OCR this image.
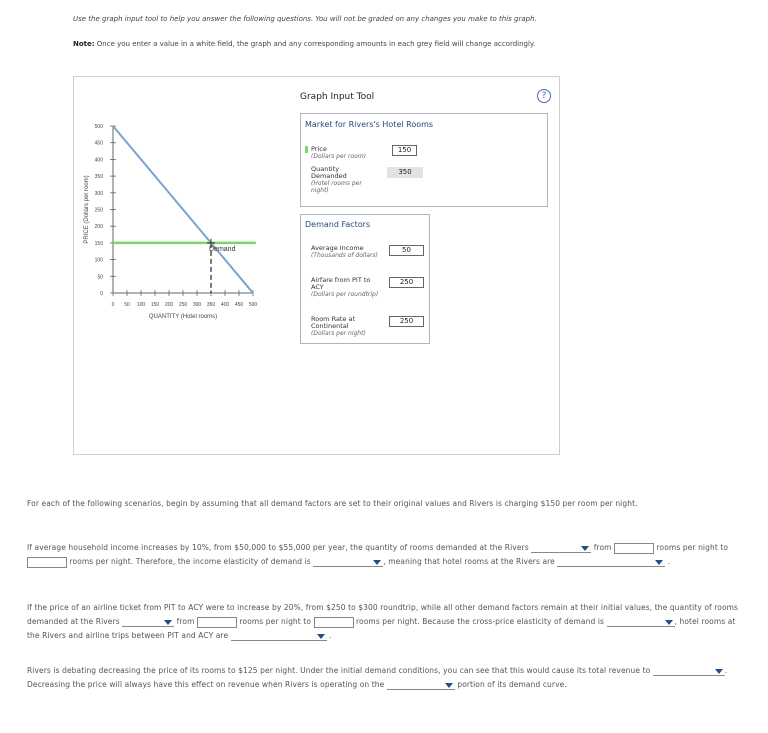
Use the graph input tool to help you answer the following questions. You will not be graded on any changes you make to this graph.
Note: Once you enter a value in a white field, the graph and any corresponding amounts in each grey field will change accordingly.
500
450
400
350
300
250
200
150
100
50
0
0 50 100 150 200 250 300 350 400 450 500
Demand
PRICE (Dollars per room)
QUANTITY (Hotel rooms)
Graph Input Tool	?
Market for Rivers's Hotel Rooms
Price
(Dollars per room)
150
Quantity Demanded
(Hotel rooms per night)
350
Demand Factors
Average Income
(Thousands of dollars)
50
Airfare from PIT to ACY
(Dollars per roundtrip)
250
Room Rate at Continental
(Dollars per night)
250
For each of the following scenarios, begin by assuming that all demand factors are set to their original values and Rivers is charging $150 per room per night.
If average household income increases by 10%, from $50,000 to $55,000 per year, the quantity of rooms demanded at the Rivers	from	rooms per night to  rooms per night. Therefore, the income elasticity of demand is	, meaning that hotel rooms at the Rivers are	.
If the price of an airline ticket from PIT to ACY were to increase by 20%, from $250 to $300 roundtrip, while all other demand factors remain at their initial values, the quantity of rooms demanded at the Rivers	from	rooms per night to	rooms per night. Because the cross-price elasticity of demand is	, hotel rooms at the Rivers and airline trips between PIT and ACY are	.
Rivers is debating decreasing the price of its rooms to $125 per night. Under the initial demand conditions, you can see that this would cause its total revenue to	. Decreasing the price will always have this effect on revenue when Rivers is operating on the	portion of its demand curve.
